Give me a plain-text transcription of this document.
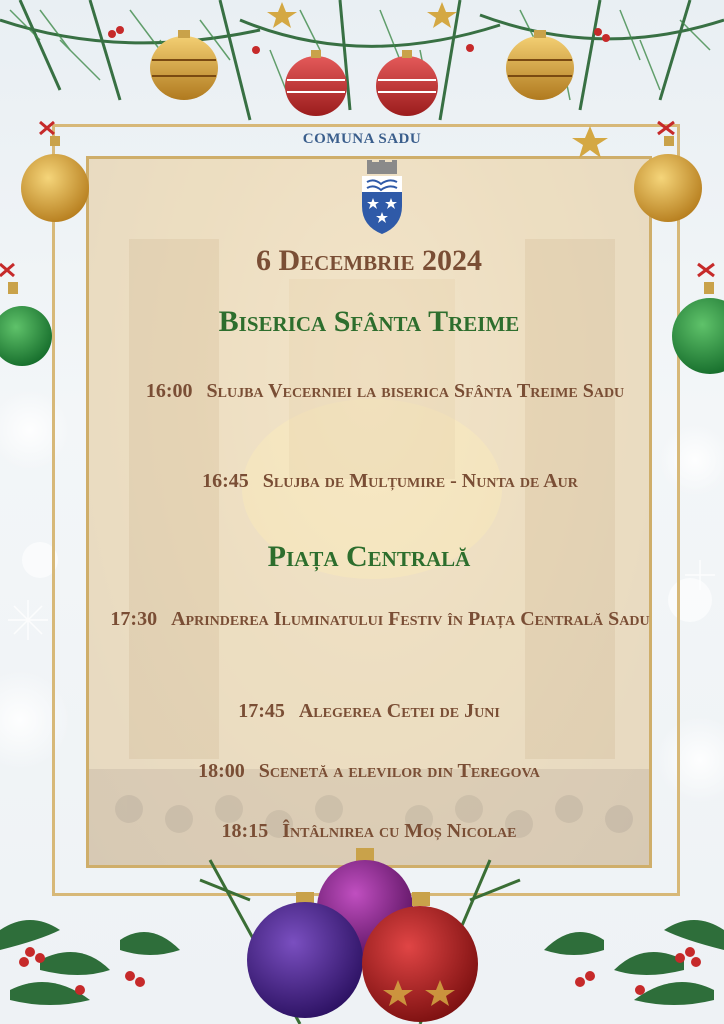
COMUNA SADU
6 Decembrie 2024
Biserica Sfânta Treime
16:00 Slujba Vecerniei la biserica Sfânta Treime Sadu
16:45 Slujba de Mulțumire - Nunta de Aur
Piața Centrală
17:30 Aprinderea Iluminatului Festiv în Piața Centrală Sadu
17:45 Alegerea Cetei de Juni
18:00 Scenetă a elevilor din Teregova
18:15 Întâlnirea cu Moș Nicolae
